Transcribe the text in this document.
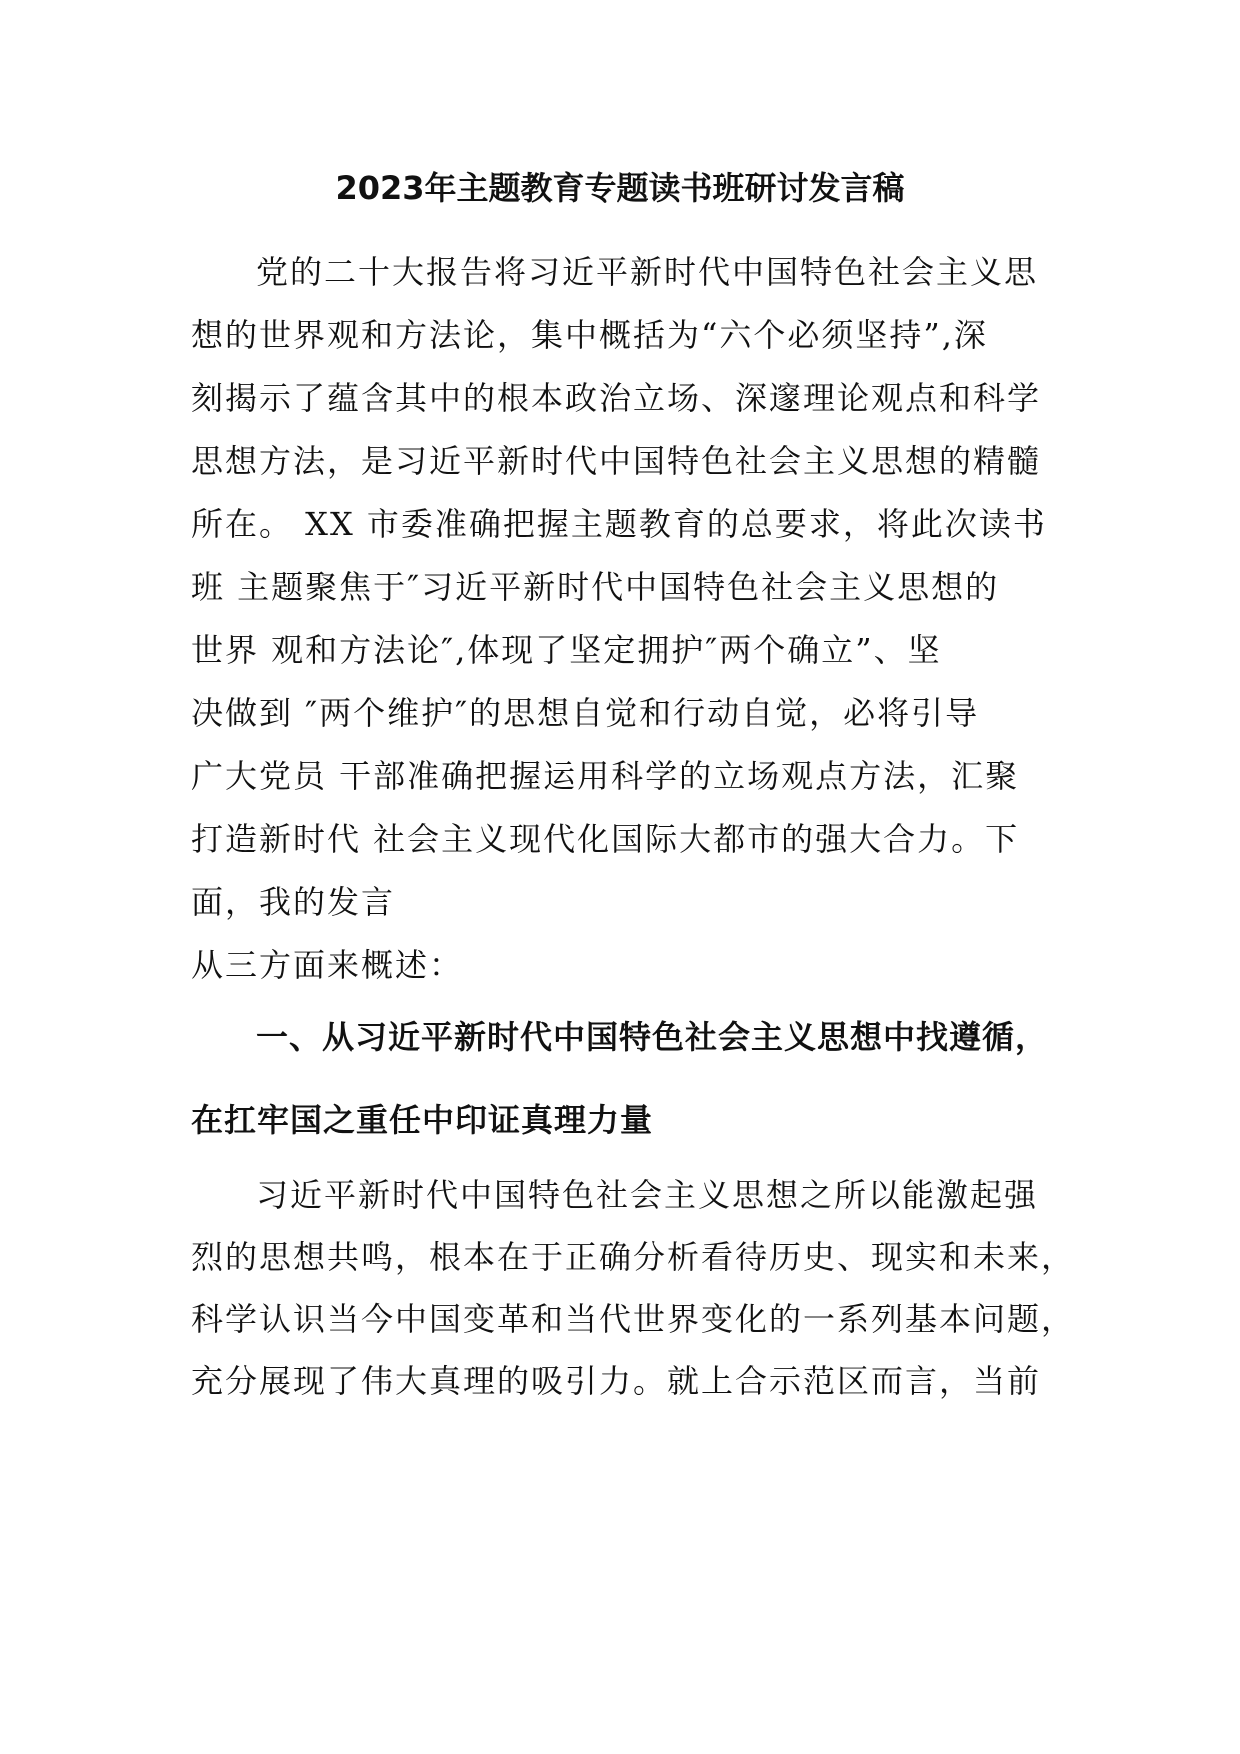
2023年主题教育专题读书班研讨发言稿
党的二十大报告将习近平新时代中国特色社会主义思
想的世界观和方法论，集中概括为“六个必须坚持”,深
刻揭示了蕴含其中的根本政治立场、深邃理论观点和科学
思想方法，是习近平新时代中国特色社会主义思想的精髓
所在。 XX 市委准确把握主题教育的总要求，将此次读书
班 主题聚焦于″习近平新时代中国特色社会主义思想的
世界 观和方法论″,体现了坚定拥护″两个确立”、坚
决做到 ″两个维护″的思想自觉和行动自觉，必将引导
广大党员 干部准确把握运用科学的立场观点方法，汇聚
打造新时代 社会主义现代化国际大都市的强大合力。下
面，我的发言
从三方面来概述：
一、从习近平新时代中国特色社会主义思想中找遵循，
在扛牢国之重任中印证真理力量
习近平新时代中国特色社会主义思想之所以能激起强
烈的思想共鸣，根本在于正确分析看待历史、现实和未来，
科学认识当今中国变革和当代世界变化的一系列基本问题，
充分展现了伟大真理的吸引力。就上合示范区而言，当前
